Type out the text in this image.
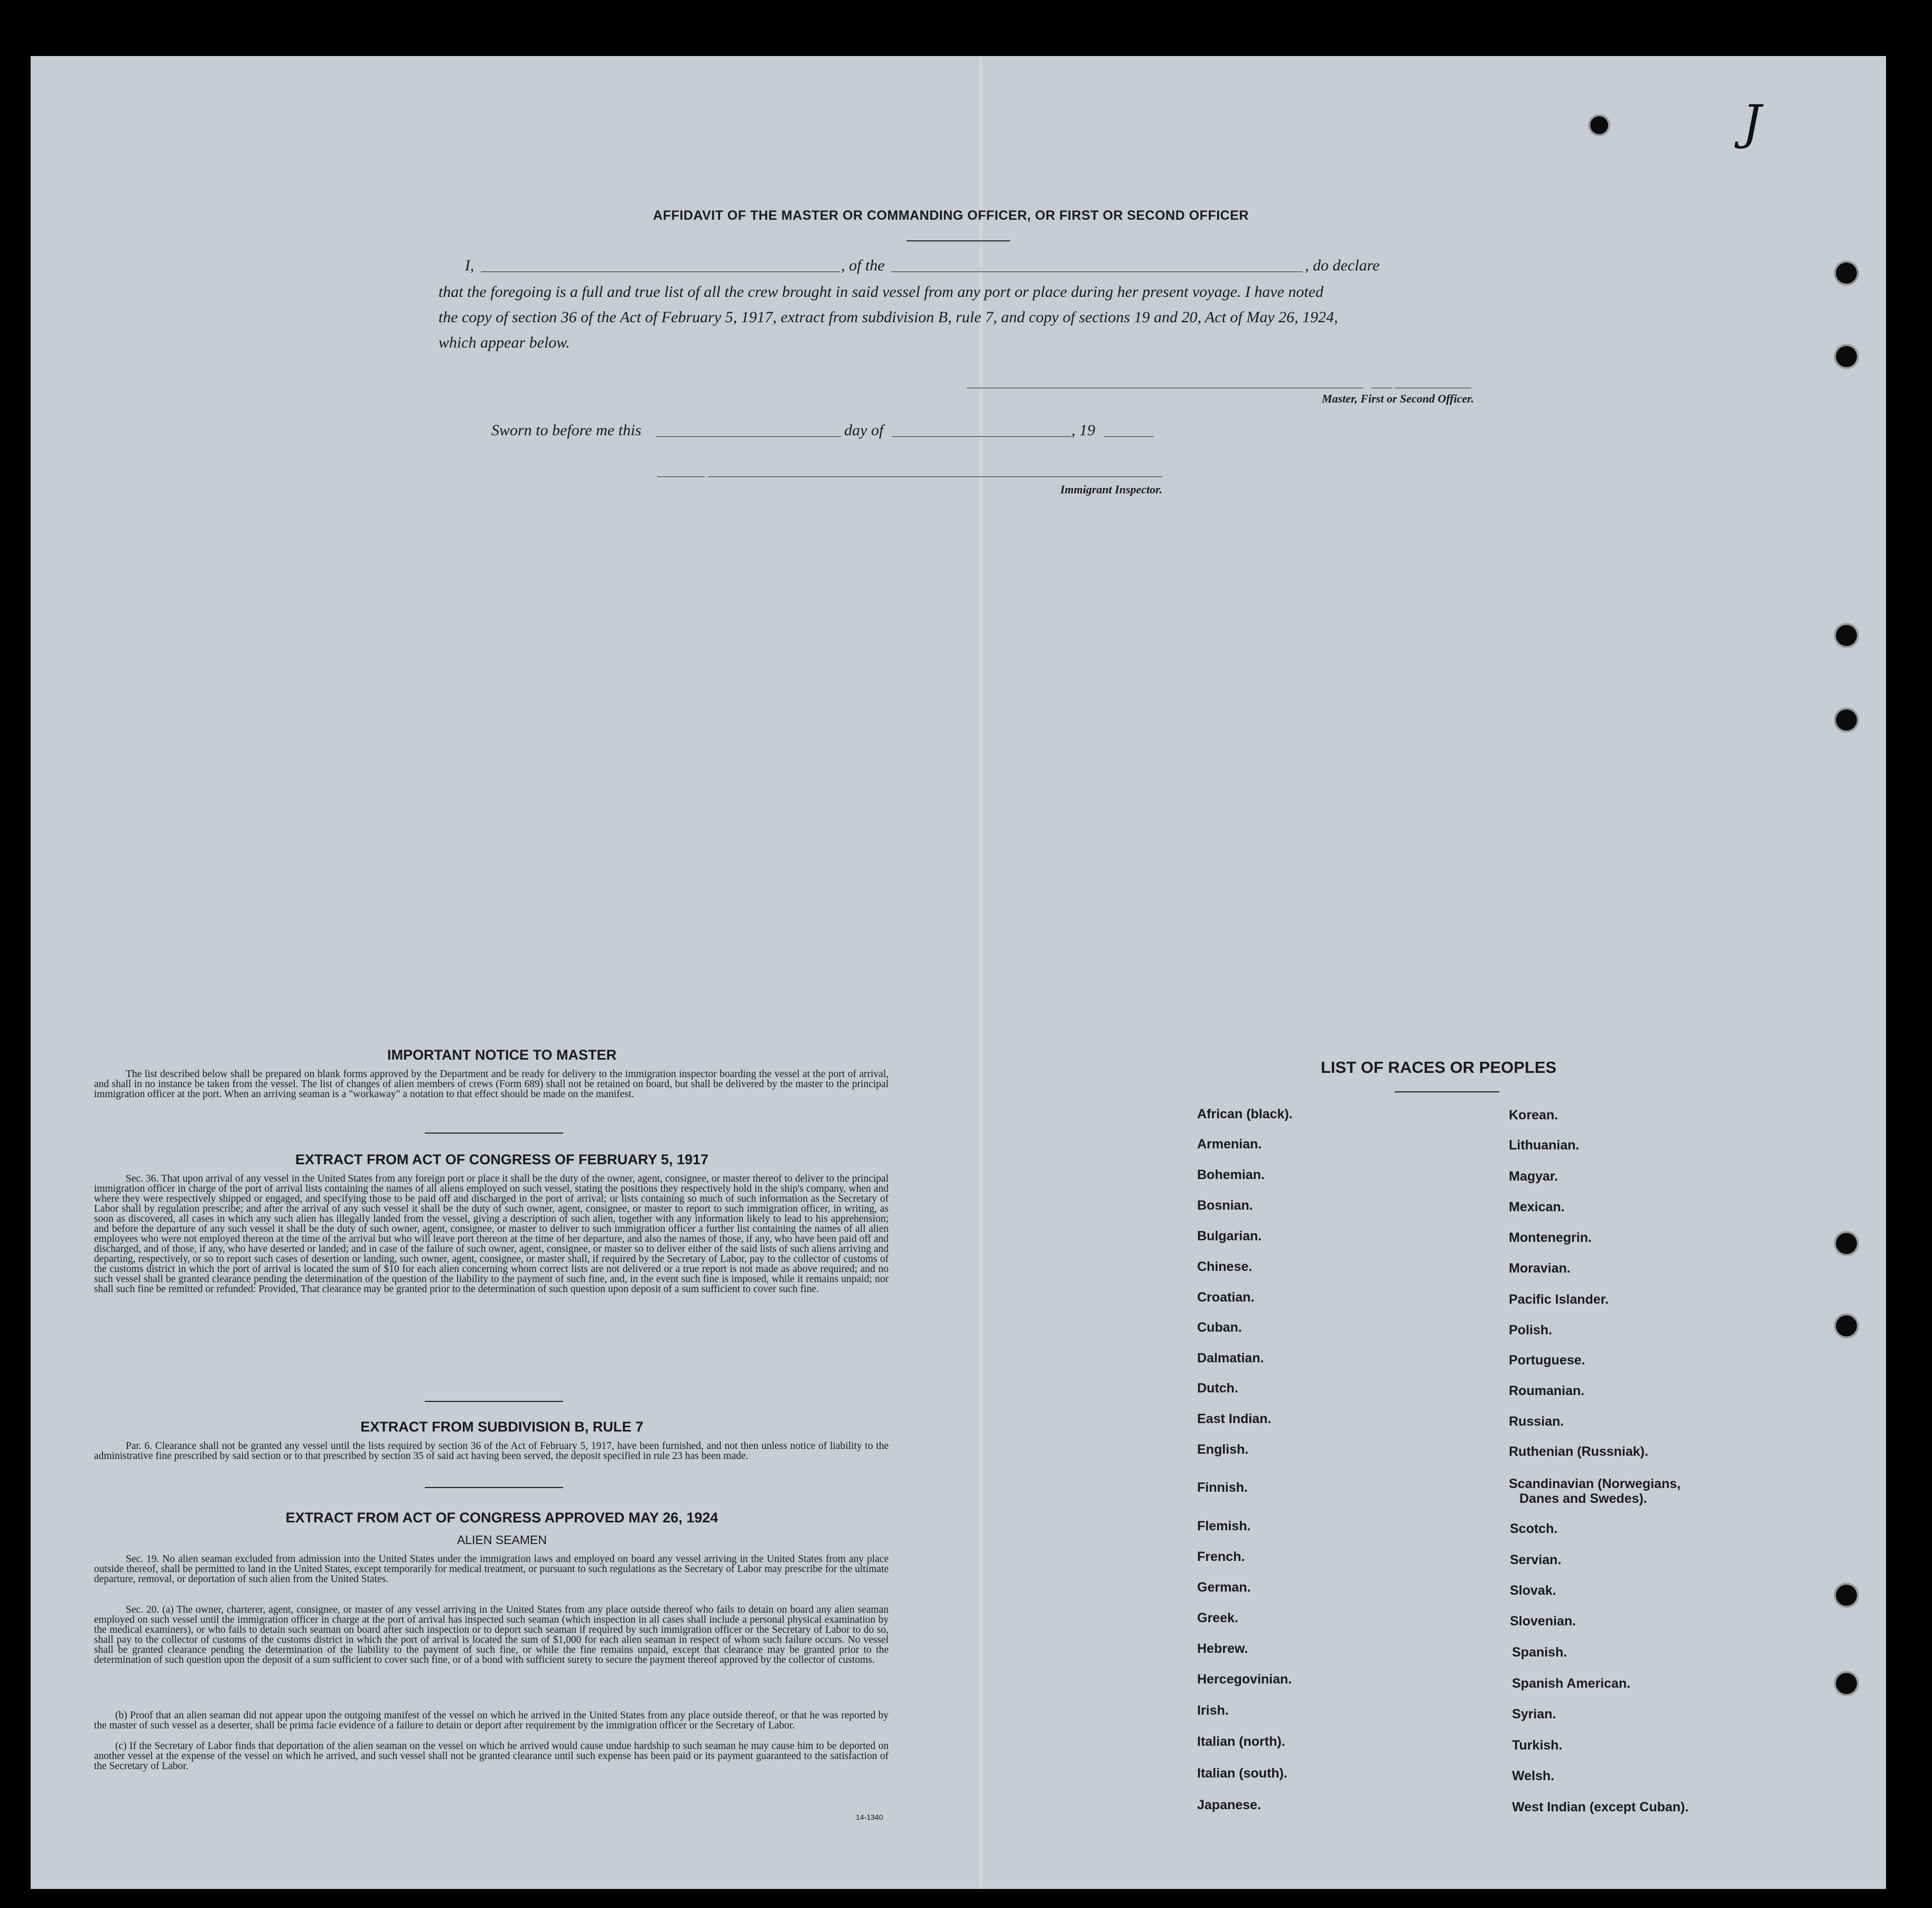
J
AFFIDAVIT OF THE MASTER OR COMMANDING OFFICER, OR FIRST OR SECOND OFFICER
I,	, of the	, do declare
that the foregoing is a full and true list of all the crew brought in said vessel from any port or place during her present voyage. I have noted
the copy of section 36 of the Act of February 5, 1917, extract from subdivision B, rule 7, and copy of sections 19 and 20, Act of May 26, 1924,
which appear below.
Master, First or Second Officer.
Sworn to before me this	day of	, 19
Immigrant Inspector.
IMPORTANT NOTICE TO MASTER
The list described below shall be prepared on blank forms approved by the Department and be ready for delivery to the immigration inspector boarding the vessel at the port of arrival, and shall in no instance be taken from the vessel. The list of changes of alien members of crews (Form 689) shall not be retained on board, but shall be delivered by the master to the principal immigration officer at the port. When an arriving seaman is a "workaway" a notation to that effect should be made on the manifest.
EXTRACT FROM ACT OF CONGRESS OF FEBRUARY 5, 1917
Sec. 36. That upon arrival of any vessel in the United States from any foreign port or place it shall be the duty of the owner, agent, consignee, or master thereof to deliver to the principal immigration officer in charge of the port of arrival lists containing the names of all aliens employed on such vessel, stating the positions they respectively hold in the ship's company, when and where they were respectively shipped or engaged, and specifying those to be paid off and discharged in the port of arrival; or lists containing so much of such information as the Secretary of Labor shall by regulation prescribe; and after the arrival of any such vessel it shall be the duty of such owner, agent, consignee, or master to report to such immigration officer, in writing, as soon as discovered, all cases in which any such alien has illegally landed from the vessel, giving a description of such alien, together with any information likely to lead to his apprehension; and before the departure of any such vessel it shall be the duty of such owner, agent, consignee, or master to deliver to such immigration officer a further list containing the names of all alien employees who were not employed thereon at the time of the arrival but who will leave port thereon at the time of her departure, and also the names of those, if any, who have been paid off and discharged, and of those, if any, who have deserted or landed; and in case of the failure of such owner, agent, consignee, or master so to deliver either of the said lists of such aliens arriving and departing, respectively, or so to report such cases of desertion or landing, such owner, agent, consignee, or master shall, if required by the Secretary of Labor, pay to the collector of customs of the customs district in which the port of arrival is located the sum of $10 for each alien concerning whom correct lists are not delivered or a true report is not made as above required; and no such vessel shall be granted clearance pending the determination of the question of the liability to the payment of such fine, and, in the event such fine is imposed, while it remains unpaid; nor shall such fine be remitted or refunded: Provided, That clearance may be granted prior to the determination of such question upon deposit of a sum sufficient to cover such fine.
EXTRACT FROM SUBDIVISION B, RULE 7
Par. 6. Clearance shall not be granted any vessel until the lists required by section 36 of the Act of February 5, 1917, have been furnished, and not then unless notice of liability to the administrative fine prescribed by said section or to that prescribed by section 35 of said act having been served, the deposit specified in rule 23 has been made.
EXTRACT FROM ACT OF CONGRESS APPROVED MAY 26, 1924
ALIEN SEAMEN
Sec. 19. No alien seaman excluded from admission into the United States under the immigration laws and employed on board any vessel arriving in the United States from any place outside thereof, shall be permitted to land in the United States, except temporarily for medical treatment, or pursuant to such regulations as the Secretary of Labor may prescribe for the ultimate departure, removal, or deportation of such alien from the United States.
Sec. 20. (a) The owner, charterer, agent, consignee, or master of any vessel arriving in the United States from any place outside thereof who fails to detain on board any alien seaman employed on such vessel until the immigration officer in charge at the port of arrival has inspected such seaman (which inspection in all cases shall include a personal physical examination by the medical examiners), or who fails to detain such seaman on board after such inspection or to deport such seaman if required by such immigration officer or the Secretary of Labor to do so, shall pay to the collector of customs of the customs district in which the port of arrival is located the sum of $1,000 for each alien seaman in respect of whom such failure occurs. No vessel shall be granted clearance pending the determination of the liability to the payment of such fine, or while the fine remains unpaid, except that clearance may be granted prior to the determination of such question upon the deposit of a sum sufficient to cover such fine, or of a bond with sufficient surety to secure the payment thereof approved by the collector of customs.
(b) Proof that an alien seaman did not appear upon the outgoing manifest of the vessel on which he arrived in the United States from any place outside thereof, or that he was reported by the master of such vessel as a deserter, shall be prima facie evidence of a failure to detain or deport after requirement by the immigration officer or the Secretary of Labor.
(c) If the Secretary of Labor finds that deportation of the alien seaman on the vessel on which he arrived would cause undue hardship to such seaman he may cause him to be deported on another vessel at the expense of the vessel on which he arrived, and such vessel shall not be granted clearance until such expense has been paid or its payment guaranteed to the satisfaction of the Secretary of Labor.
14-1340
LIST OF RACES OR PEOPLES
African (black).
Armenian.
Bohemian.
Bosnian.
Bulgarian.
Chinese.
Croatian.
Cuban.
Dalmatian.
Dutch.
East Indian.
English.
Finnish.
Flemish.
French.
German.
Greek.
Hebrew.
Hercegovinian.
Irish.
Italian (north).
Italian (south).
Japanese.
Korean.
Lithuanian.
Magyar.
Mexican.
Montenegrin.
Moravian.
Pacific Islander.
Polish.
Portuguese.
Roumanian.
Russian.
Ruthenian (Russniak).
Scandinavian (Norwegians,
Danes and Swedes).
Scotch.
Servian.
Slovak.
Slovenian.
Spanish.
Spanish American.
Syrian.
Turkish.
Welsh.
West Indian (except Cuban).
